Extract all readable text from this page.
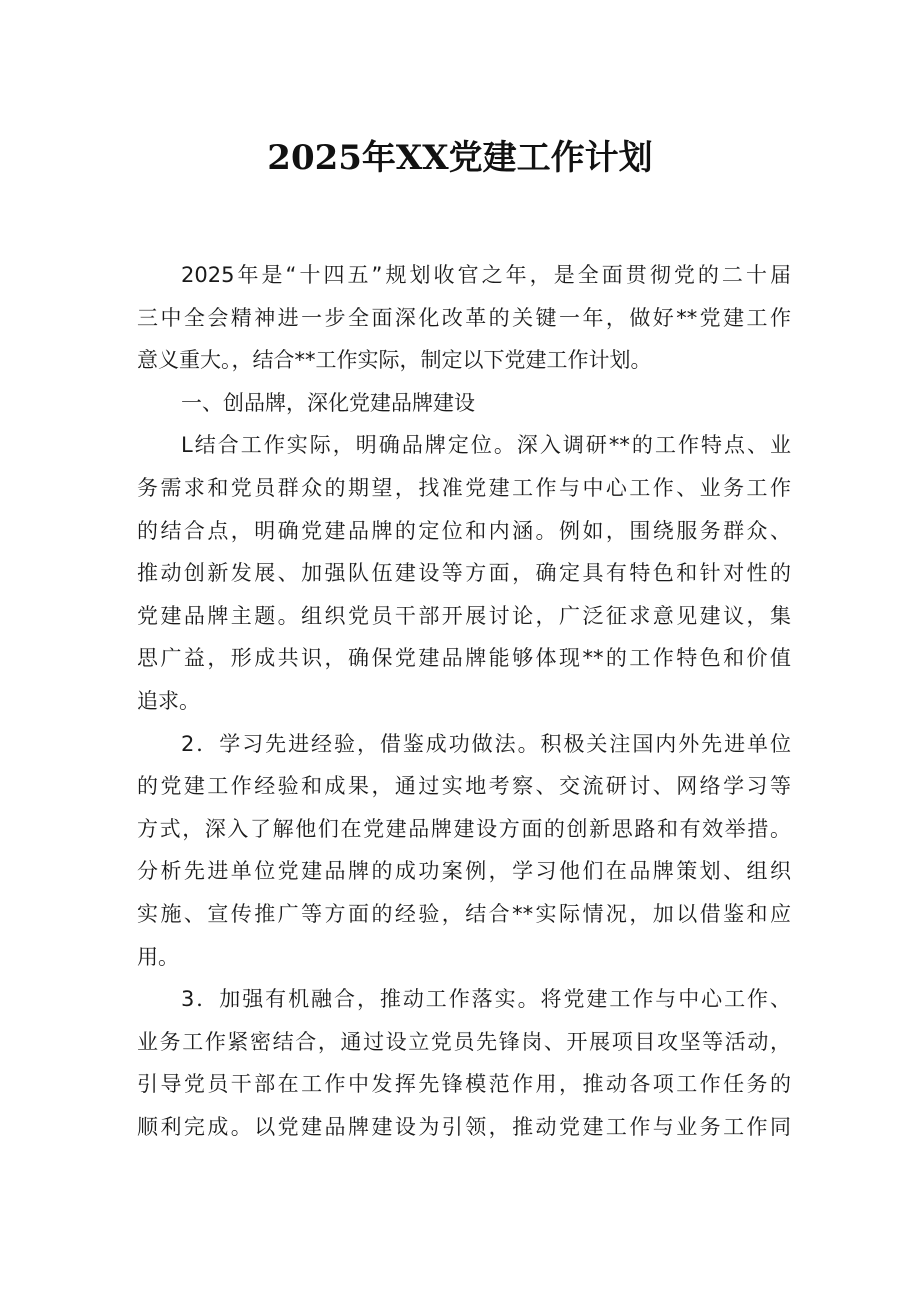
2025年XX党建工作计划
2025年是“十四五”规划收官之年，是全面贯彻党的二十届
三中全会精神进一步全面深化改革的关键一年，做好**党建工作
意义重大。，结合**工作实际，制定以下党建工作计划。
一、创品牌，深化党建品牌建设
L结合工作实际，明确品牌定位。深入调研**的工作特点、业
务需求和党员群众的期望，找准党建工作与中心工作、业务工作
的结合点，明确党建品牌的定位和内涵。例如，围绕服务群众、
推动创新发展、加强队伍建设等方面，确定具有特色和针对性的
党建品牌主题。组织党员干部开展讨论，广泛征求意见建议，集
思广益，形成共识，确保党建品牌能够体现**的工作特色和价值
追求。
2．学习先进经验，借鉴成功做法。积极关注国内外先进单位
的党建工作经验和成果，通过实地考察、交流研讨、网络学习等
方式，深入了解他们在党建品牌建设方面的创新思路和有效举措。
分析先进单位党建品牌的成功案例，学习他们在品牌策划、组织
实施、宣传推广等方面的经验，结合**实际情况，加以借鉴和应
用。
3．加强有机融合，推动工作落实。将党建工作与中心工作、
业务工作紧密结合，通过设立党员先锋岗、开展项目攻坚等活动，
引导党员干部在工作中发挥先锋模范作用，推动各项工作任务的
顺利完成。以党建品牌建设为引领，推动党建工作与业务工作同
